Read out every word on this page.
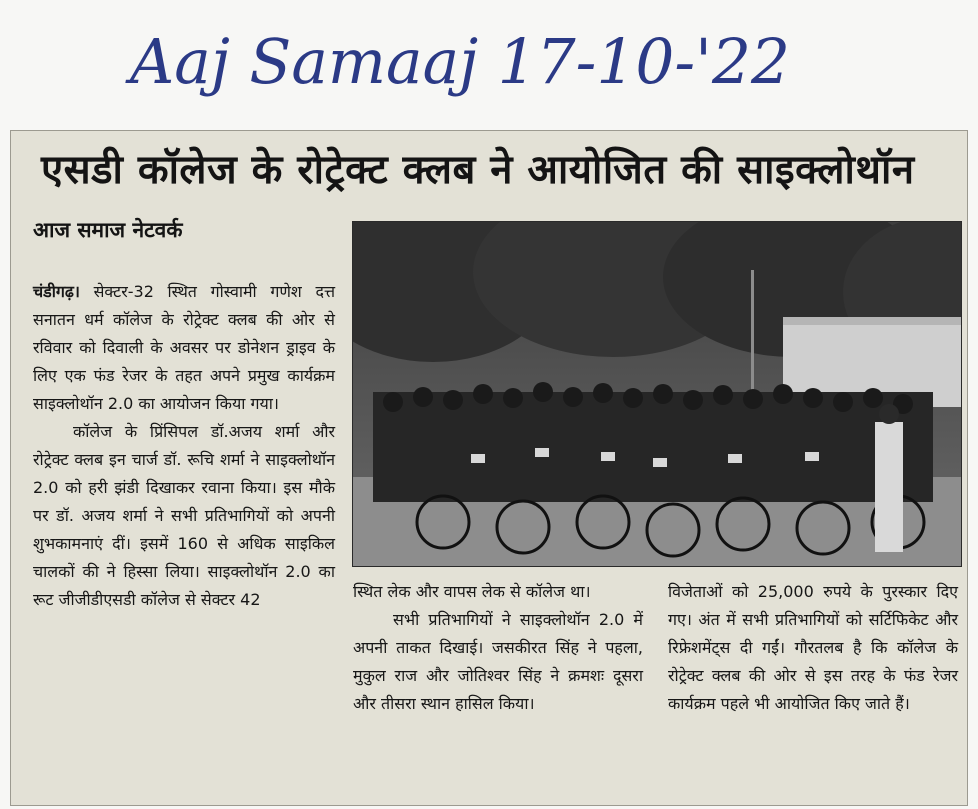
Aaj Samaaj 17-10-'22
एसडी कॉलेज के रोट्रेक्ट क्लब ने आयोजित की साइक्लोथॉन
आज समाज नेटवर्क

चंडीगढ़। सेक्टर-32 स्थित गोस्वामी गणेश दत्त सनातन धर्म कॉलेज के रोट्रेक्ट क्लब की ओर से रविवार को दिवाली के अवसर पर डोनेशन ड्राइव के लिए एक फंड रेजर के तहत अपने प्रमुख कार्यक्रम साइक्लोथॉन 2.0 का आयोजन किया गया।

कॉलेज के प्रिंसिपल डॉ.अजय शर्मा और रोट्रेक्ट क्लब इन चार्ज डॉ. रूचि शर्मा ने साइक्लोथॉन 2.0 को हरी झंडी दिखाकर रवाना किया। इस मौके पर डॉ. अजय शर्मा ने सभी प्रतिभागियों को अपनी शुभकामनाएं दीं। इसमें 160 से अधिक साइकिल चालकों की ने हिस्सा लिया। साइक्लोथॉन 2.0 का रूट जीजीडीएसडी कॉलेज से सेक्टर 42	स्थित लेक और वापस लेक से कॉलेज था।

सभी प्रतिभागियों ने साइक्लोथॉन 2.0 में अपनी ताकत दिखाई। जसकीरत सिंह ने पहला, मुकुल राज और जोतिश्वर सिंह ने क्रमशः दूसरा और तीसरा स्थान हासिल किया।

विजेताओं को 25,000 रुपये के पुरस्कार दिए गए। अंत में सभी प्रतिभागियों को सर्टिफिकेट और रिफ्रेशमेंट्स दी गईं। गौरतलब है कि कॉलेज के रोट्रेक्ट क्लब की ओर से इस तरह के फंड रेजर कार्यक्रम पहले भी आयोजित किए जाते हैं।
